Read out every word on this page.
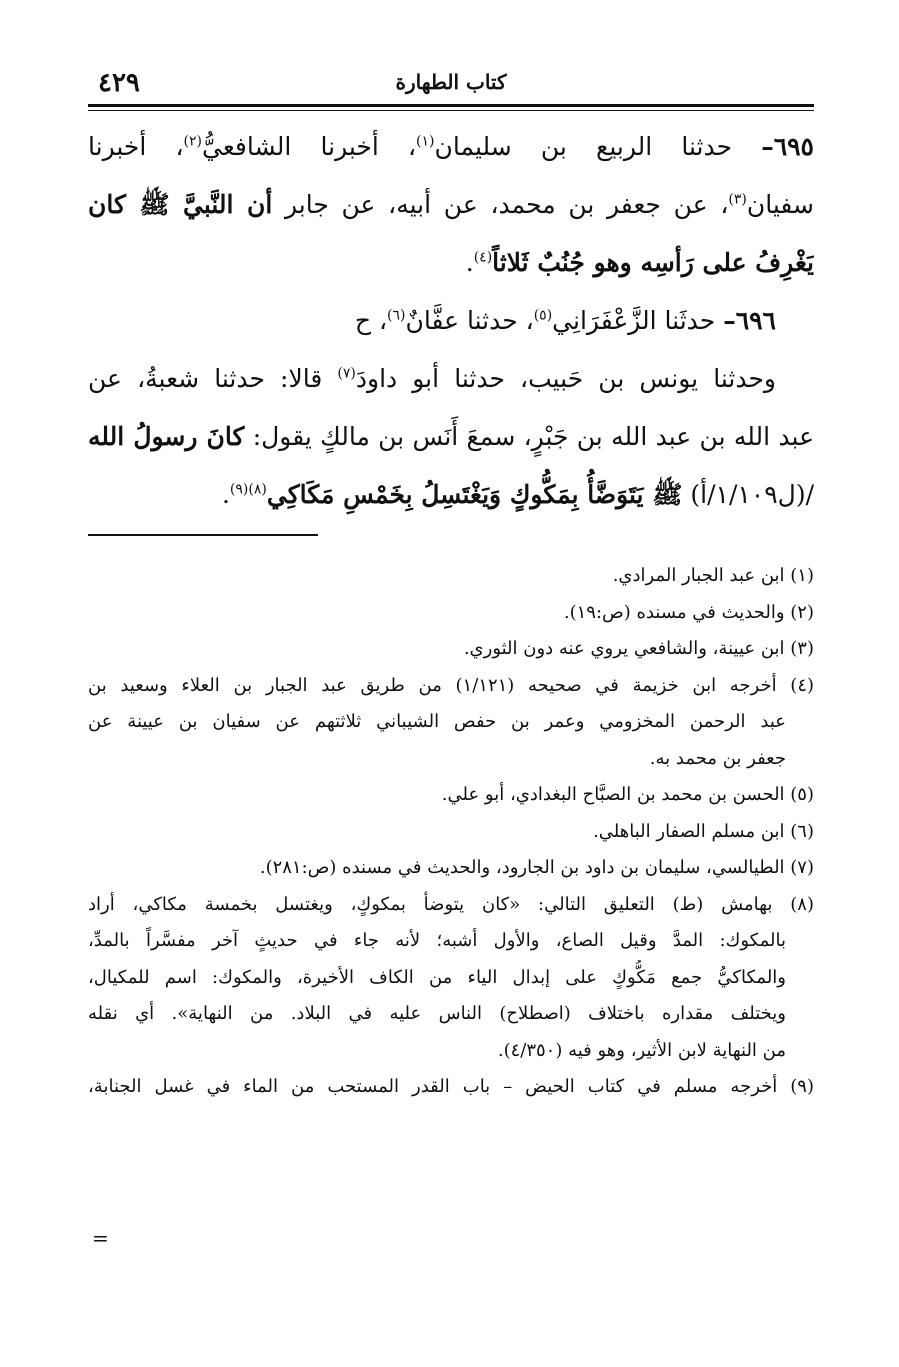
٤٢٩	كتاب الطهارة
٦٩٥– حدثنا الربيع بن سليمان$^{(١)}$، أخبرنا الشافعيُّ$^{(٢)}$، أخبرنا
سفيان$^{(٣)}$، عن جعفر بن محمد، عن أبيه، عن جابر أن النَّبيَّ ﷺ كان
يَغْرِفُ على رَأسِه وهو جُنُبٌ ثَلاثاً$^{(٤)}$.
٦٩٦– حدثَنا الزَّعْفَرَانِي$^{(٥)}$، حدثنا عفَّانٌ$^{(٦)}$، ح
وحدثنا يونس بن حَبيب، حدثنا أبو داودَ$^{(٧)}$ قالا: حدثنا شعبةُ، عن
عبد الله بن عبد الله بن جَبْرٍ، سمعَ أَنَس بن مالكٍ يقول: كانَ رسولُ الله
/(ل١/١٠٩/أ) ﷺ يَتَوَضَّأُ بِمَكُّوكٍ وَيَغْتَسِلُ بِخَمْسِ مَكَاكِي$^{(٨)(٩)}$.
(١) ابن عبد الجبار المرادي.
(٢) والحديث في مسنده (ص:١٩).
(٣) ابن عيينة، والشافعي يروي عنه دون الثوري.
(٤) أخرجه ابن خزيمة في صحيحه (١/١٢١) من طريق عبد الجبار بن العلاء وسعيد بن
عبد الرحمن المخزومي وعمر بن حفص الشيباني ثلاثتهم عن سفيان بن عيينة عن
جعفر بن محمد به.
(٥) الحسن بن محمد بن الصبَّاح البغدادي، أبو علي.
(٦) ابن مسلم الصفار الباهلي.
(٧) الطيالسي، سليمان بن داود بن الجارود، والحديث في مسنده (ص:٢٨١).
(٨) بهامش (ط) التعليق التالي: «كان يتوضأ بمكوكٍ، ويغتسل بخمسة مكاكي، أراد
بالمكوك: المدَّ وقيل الصاع، والأول أشبه؛ لأنه جاء في حديثٍ آخر مفسَّراً بالمدِّ،
والمكاكيُّ جمع مَكُّوكٍ على إبدال الياء من الكاف الأخيرة، والمكوك: اسم للمكيال،
ويختلف مقداره باختلاف (اصطلاح) الناس عليه في البلاد. من النهاية». أي نقله
من النهاية لابن الأثير، وهو فيه (٤/٣٥٠).
(٩) أخرجه مسلم في كتاب الحيض – باب القدر المستحب من الماء في غسل الجنابة،
=
